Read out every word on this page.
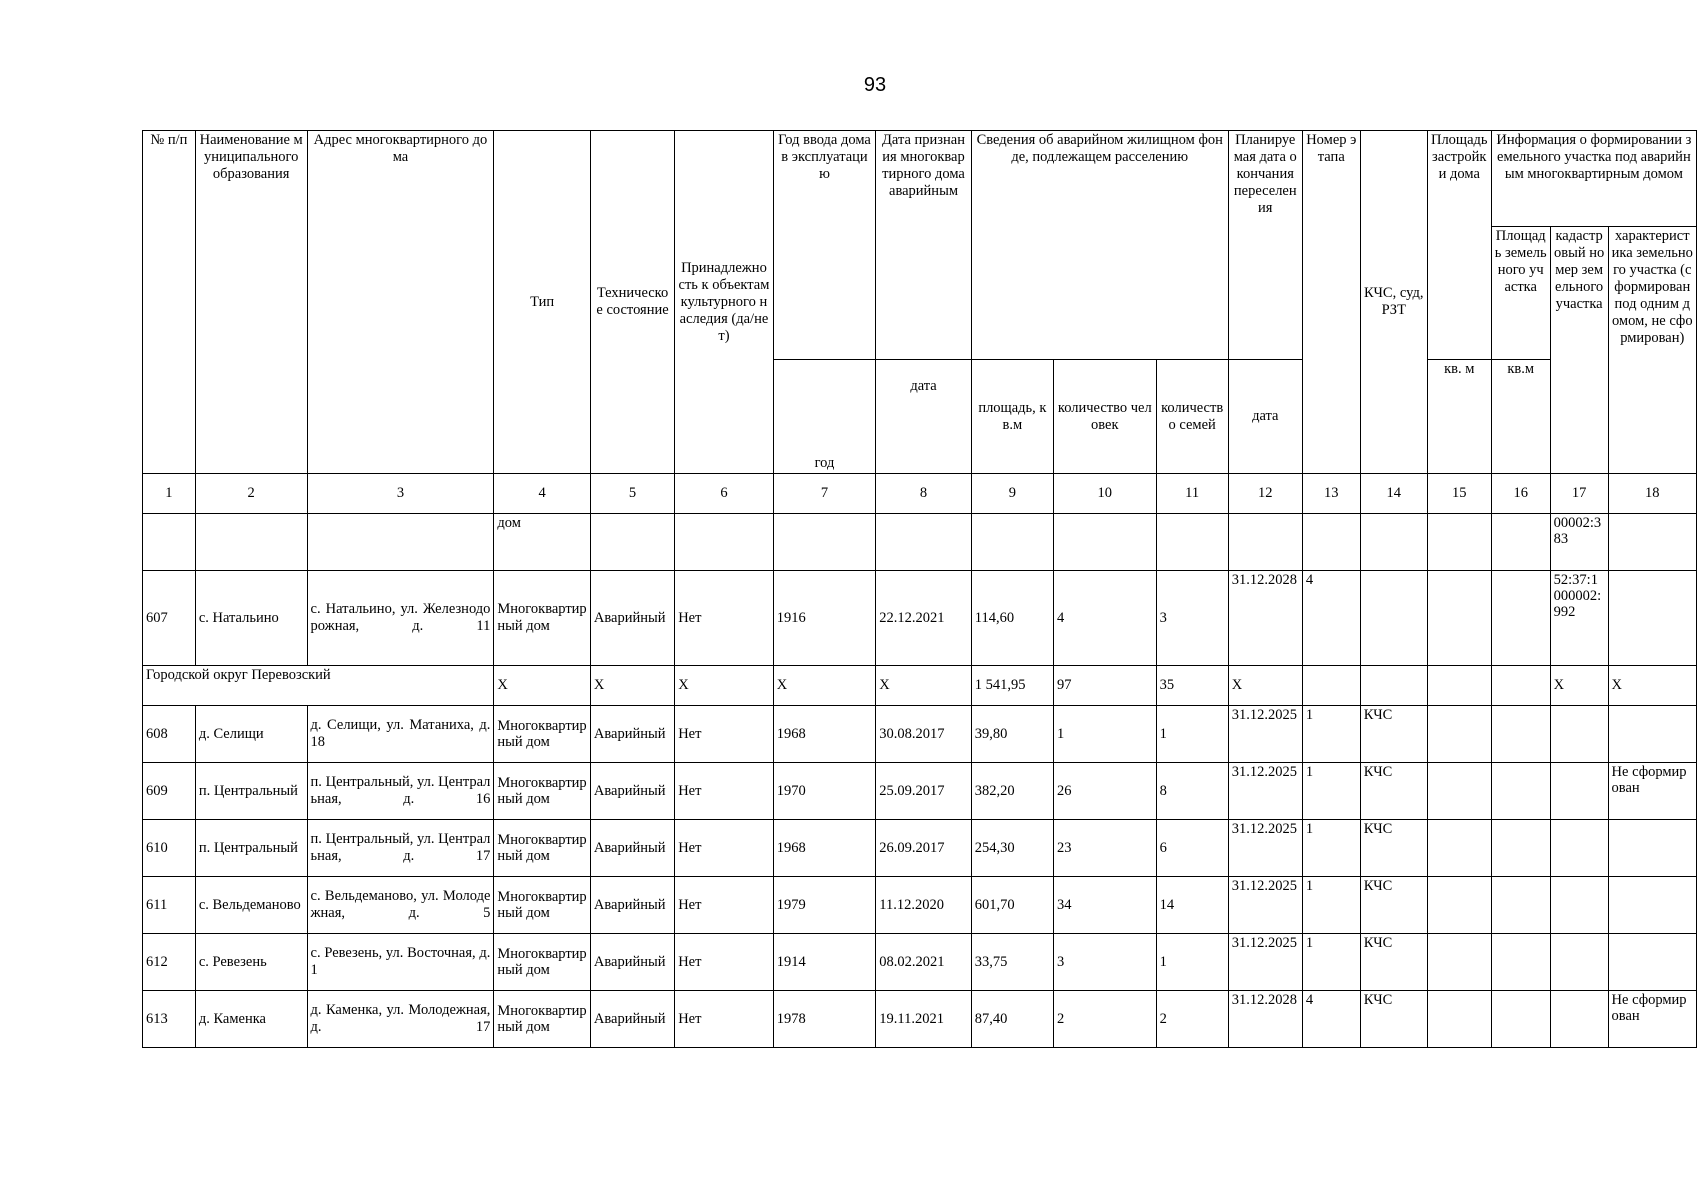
93
№ п/п	Наименование муниципального образования	Адрес многоквартирного дома	Тип	Техническое состояние	Принадлежность к объектам культурного наследия (да/нет)	Год ввода дома в эксплуатацию	Дата признания многоквартирного дома аварийным	Сведения об аварийном жилищном фонде, подлежащем расселению			Планируемая дата окончания переселения	Номер этапа	КЧС, суд, РЗТ	Площадь застройки дома	Информация о формировании земельного участка под аварийным многоквартирным домом		
															Площадь земельного участка	кадастровый номер земельного участка	характеристика земельного участка (сформирован под одним домом, не сформирован)
						год	дата	площадь, кв.м	количество человек	количество семей	дата			кв. м	кв.м		
1	2	3	4	5	6	7	8	9	10	11	12	13	14	15	16	17	18
			дом													00002:383	
607	с. Натальино	с. Натальино, ул. Железнодорожная, д. 11	Многоквартирный дом	Аварийный	Нет	1916	22.12.2021	114,60	4	3	31.12.2028	4				52:37:1000002:992	
Городской округ Перевозский			X	X	X	X	X	1 541,95	97	35	X					X	X
608	д. Селищи	д. Селищи, ул. Матаниха, д. 18	Многоквартирный дом	Аварийный	Нет	1968	30.08.2017	39,80	1	1	31.12.2025	1	КЧС				
609	п. Центральный	п. Центральный, ул. Центральная, д. 16	Многоквартирный дом	Аварийный	Нет	1970	25.09.2017	382,20	26	8	31.12.2025	1	КЧС				Не сформирован
610	п. Центральный	п. Центральный, ул. Центральная, д. 17	Многоквартирный дом	Аварийный	Нет	1968	26.09.2017	254,30	23	6	31.12.2025	1	КЧС				
611	с. Вельдеманово	с. Вельдеманово, ул. Молодежная, д. 5	Многоквартирный дом	Аварийный	Нет	1979	11.12.2020	601,70	34	14	31.12.2025	1	КЧС				
612	с. Ревезень	с. Ревезень, ул. Восточная, д. 1	Многоквартирный дом	Аварийный	Нет	1914	08.02.2021	33,75	3	1	31.12.2025	1	КЧС				
613	д. Каменка	д. Каменка, ул. Молодежная, д. 17	Многоквартирный дом	Аварийный	Нет	1978	19.11.2021	87,40	2	2	31.12.2028	4	КЧС				Не сформирован
